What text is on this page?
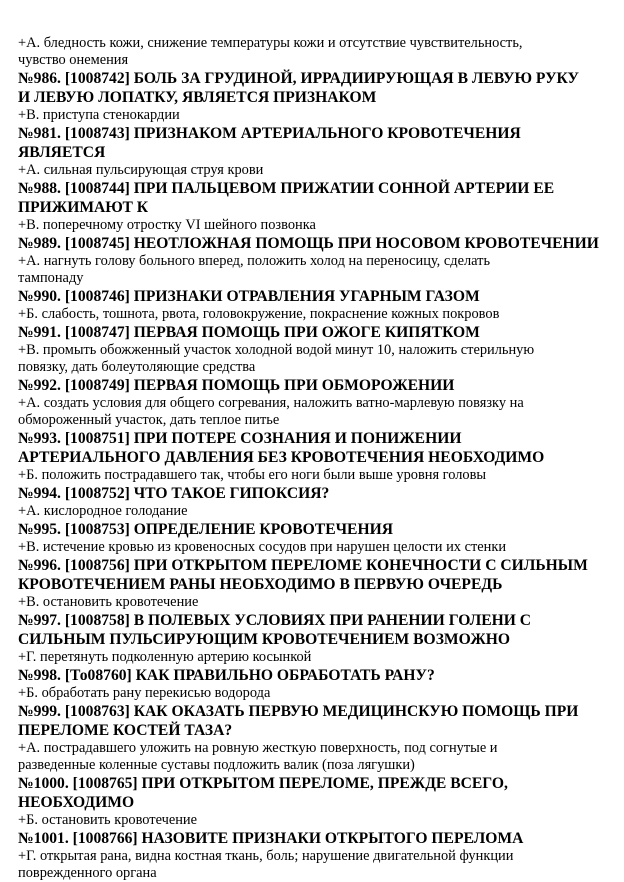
+А. бледность кожи, снижение температуры кожи и отсутствие чувствительность,

чувство онемения

№986. [1008742] БОЛЬ ЗА ГРУДИНОЙ, ИРРАДИИРУЮЩАЯ В ЛЕВУЮ РУКУ

И ЛЕВУЮ ЛОПАТКУ, ЯВЛЯЕТСЯ ПРИЗНАКОМ

+В. приступа стенокардии

№981. [1008743] ПРИЗНАКОМ АРТЕРИАЛЬНОГО КРОВОТЕЧЕНИЯ

ЯВЛЯЕТСЯ

+А. сильная пульсирующая струя крови

№988. [1008744] ПРИ ПАЛЬЦЕВОМ ПРИЖАТИИ СОННОЙ АРТЕРИИ ЕЕ

ПРИЖИМАЮТ К

+В. поперечному отростку VI шейного позвонка

№989. [1008745] НЕОТЛОЖНАЯ ПОМОЩЬ ПРИ НОСОВОМ КРОВОТЕЧЕНИИ

+А. нагнуть голову больного вперед, положить холод на переносицу, сделать

тампонаду

№990. [1008746] ПРИЗНАКИ ОТРАВЛЕНИЯ УГАРНЫМ ГАЗОМ

+Б. слабость, тошнота, рвота, головокружение, покраснение кожных покровов

№991. [1008747] ПЕРВАЯ ПОМОЩЬ ПРИ ОЖОГЕ КИПЯТКОМ

+В. промыть обожженный участок холодной водой минут 10, наложить стерильную

повязку, дать болеутоляющие средства

№992. [1008749] ПЕРВАЯ ПОМОЩЬ ПРИ ОБМОРОЖЕНИИ

+А. создать условия для общего согревания, наложить ватно-марлевую повязку на

обмороженный участок, дать теплое питье

№993. [1008751] ПРИ ПОТЕРЕ СОЗНАНИЯ И ПОНИЖЕНИИ

АРТЕРИАЛЬНОГО ДАВЛЕНИЯ БЕЗ КРОВОТЕЧЕНИЯ НЕОБХОДИМО

+Б. положить пострадавшего так, чтобы его ноги были выше уровня головы

№994. [1008752] ЧТО ТАКОЕ ГИПОКСИЯ?

+А. кислородное голодание

№995. [1008753] ОПРЕДЕЛЕНИЕ КРОВОТЕЧЕНИЯ

+В. истечение кровью из кровеносных сосудов при нарушен целости их стенки

№996. [1008756] ПРИ ОТКРЫТОМ ПЕРЕЛОМЕ КОНЕЧНОСТИ С СИЛЬНЫМ

КРОВОТЕЧЕНИЕМ РАНЫ НЕОБХОДИМО В ПЕРВУЮ ОЧЕРЕДЬ

+В. остановить кровотечение

№997. [1008758] В ПОЛЕВЫХ УСЛОВИЯХ ПРИ РАНЕНИИ ГОЛЕНИ С

СИЛЬНЫМ ПУЛЬСИРУЮЩИМ КРОВОТЕЧЕНИЕМ ВОЗМОЖНО

+Г. перетянуть подколенную артерию косынкой

№998. [То08760] КАК ПРАВИЛЬНО ОБРАБОТАТЬ РАНУ?

+Б. обработать рану перекисью водорода

№999. [1008763] КАК ОКАЗАТЬ ПЕРВУЮ МЕДИЦИНСКУЮ ПОМОЩЬ ПРИ

ПЕРЕЛОМЕ КОСТЕЙ ТАЗА?

+А. пострадавшего уложить на ровную жесткую поверхность, под согнутые и

разведенные коленные суставы подложить валик (поза лягушки)

№1000. [1008765] ПРИ ОТКРЫТОМ ПЕРЕЛОМЕ, ПРЕЖДЕ ВСЕГО,

НЕОБХОДИМО

+Б. остановить кровотечение

№1001. [1008766] НАЗОВИТЕ ПРИЗНАКИ ОТКРЫТОГО ПЕРЕЛОМА

+Г. открытая рана, видна костная ткань, боль; нарушение двигательной функции

поврежденного органа
